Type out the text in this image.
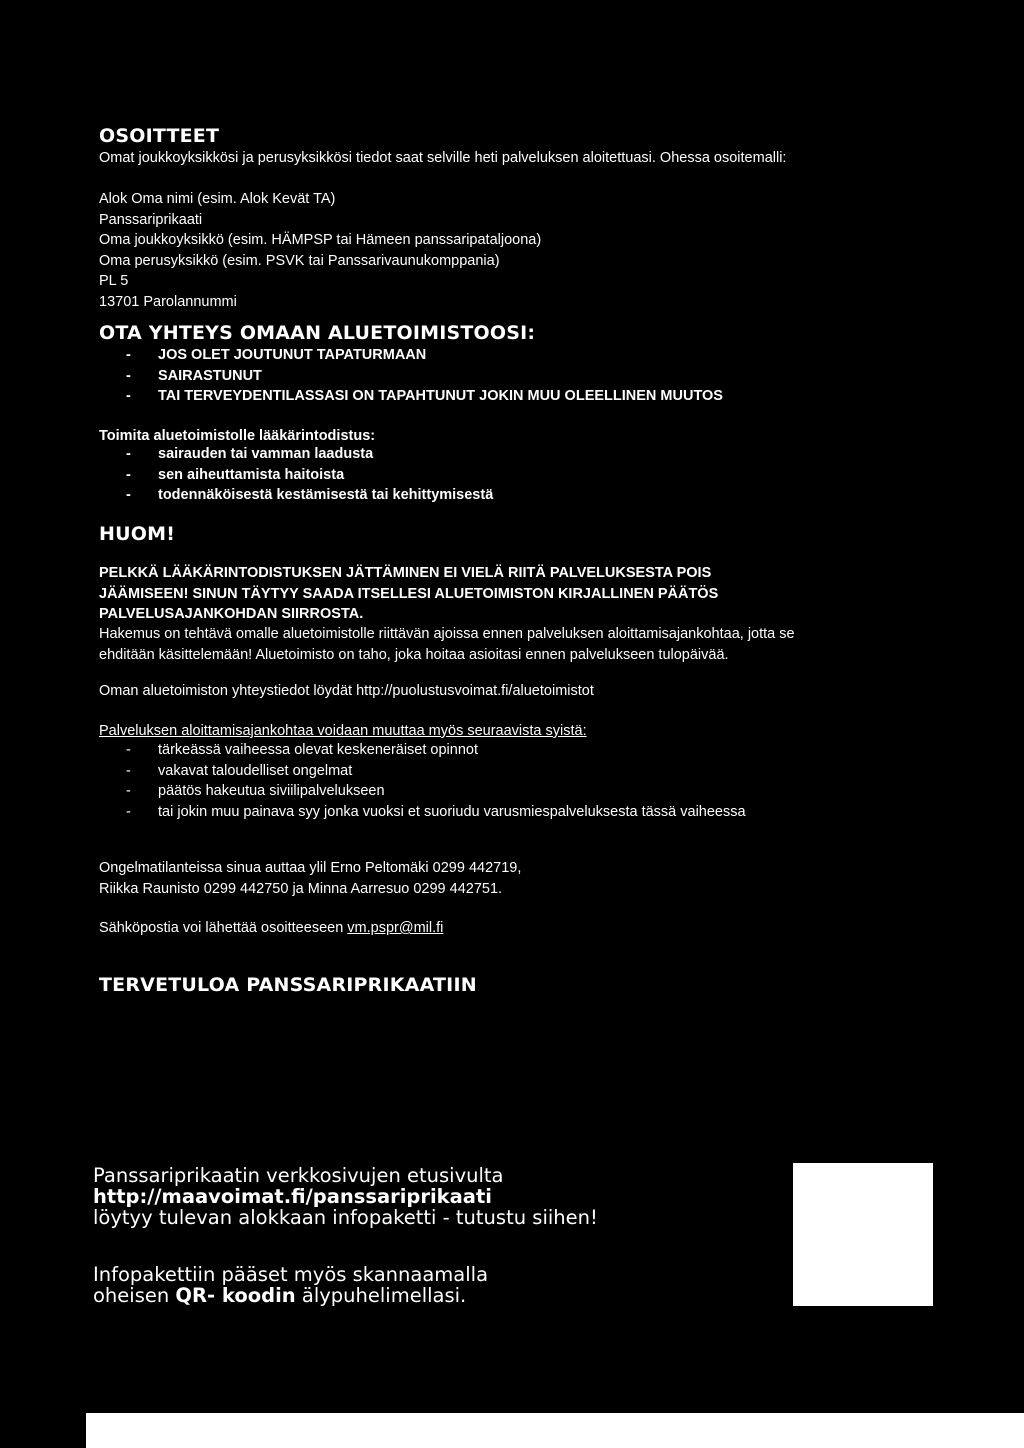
OSOITTEET
Omat joukkoyksikkösi ja perusyksikkösi tiedot saat selville heti palveluksen aloitettuasi. Ohessa osoitemalli:
Alok Oma nimi (esim. Alok Kevät TA)
Panssariprikaati
Oma joukkoyksikkö (esim. HÄMPSP tai Hämeen panssaripataljoona)
Oma perusyksikkö (esim. PSVK tai Panssarivaunukomppania)
PL 5
13701 Parolannummi
OTA YHTEYS OMAAN ALUETOIMISTOOSI:
- JOS OLET JOUTUNUT TAPATURMAAN
- SAIRASTUNUT
- TAI TERVEYDENTILASSASI ON TAPAHTUNUT JOKIN MUU OLEELLINEN MUUTOS
Toimita aluetoimistolle lääkärintodistus:
- sairauden tai vamman laadusta
- sen aiheuttamista haitoista
- todennäköisestä kestämisestä tai kehittymisestä
HUOM!
PELKKÄ LÄÄKÄRINTODISTUKSEN JÄTTÄMINEN EI VIELÄ RIITÄ PALVELUKSESTA POIS
JÄÄMISEEN! SINUN TÄYTYY SAADA ITSELLESI ALUETOIMISTON KIRJALLINEN PÄÄTÖS
PALVELUSAJANKOHDAN SIIRROSTA.
Hakemus on tehtävä omalle aluetoimistolle riittävän ajoissa ennen palveluksen aloittamisajankohtaa, jotta se
ehditään käsittelemään! Aluetoimisto on taho, joka hoitaa asioitasi ennen palvelukseen tulopäivää.
Oman aluetoimiston yhteystiedot löydät http://puolustusvoimat.fi/aluetoimistot
Palveluksen aloittamisajankohtaa voidaan muuttaa myös seuraavista syistä:
- tärkeässä vaiheessa olevat keskeneräiset opinnot
- vakavat taloudelliset ongelmat
- päätös hakeutua siviilipalvelukseen
- tai jokin muu painava syy jonka vuoksi et suoriudu varusmiespalveluksesta tässä vaiheessa
Ongelmatilanteissa sinua auttaa ylil Erno Peltomäki 0299 442719,
Riikka Raunisto 0299 442750 ja Minna Aarresuo 0299 442751.
Sähköpostia voi lähettää osoitteeseen vm.pspr@mil.fi
TERVETULOA PANSSARIPRIKAATIIN
Panssariprikaatin verkkosivujen etusivulta
http://maavoimat.fi/panssariprikaati
löytyy tulevan alokkaan infopaketti - tutustu siihen!
Infopakettiin pääset myös skannaamalla
oheisen QR- koodin älypuhelimellasi.
